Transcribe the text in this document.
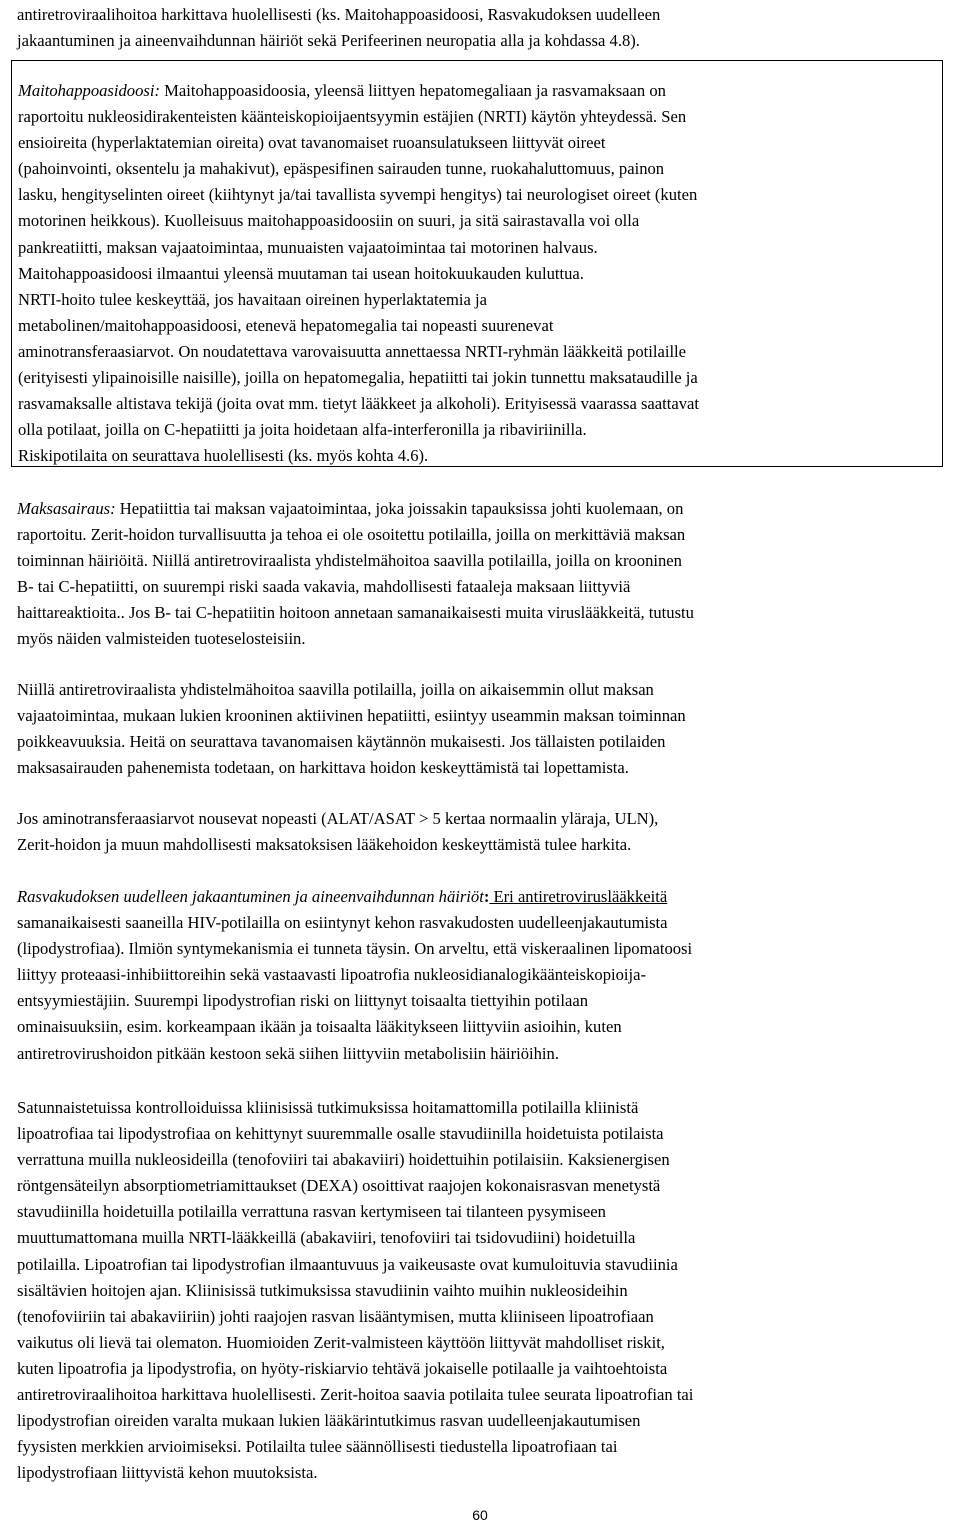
antiretroviraalihoitoa harkittava huolellisesti (ks. Maitohappoasidoosi, Rasvakudoksen uudelleen
jakaantuminen ja aineenvaihdunnan häiriöt sekä Perifeerinen neuropatia alla ja kohdassa 4.8).
Maitohappoasidoosi: Maitohappoasidoosia, yleensä liittyen hepatomegaliaan ja rasvamaksaan on
raportoitu nukleosidirakenteisten käänteiskopioijaentsyymin estäjien (NRTI) käytön yhteydessä. Sen
ensioireita (hyperlaktatemian oireita) ovat tavanomaiset ruoansulatukseen liittyvät oireet
(pahoinvointi, oksentelu ja mahakivut), epäspesifinen sairauden tunne, ruokahaluttomuus, painon
lasku, hengityselinten oireet (kiihtynyt ja/tai tavallista syvempi hengitys) tai neurologiset oireet (kuten
motorinen heikkous). Kuolleisuus maitohappoasidoosiin on suuri, ja sitä sairastavalla voi olla
pankreatiitti, maksan vajaatoimintaa, munuaisten vajaatoimintaa tai motorinen halvaus.
Maitohappoasidoosi ilmaantui yleensä muutaman tai usean hoitokuukauden kuluttua.
NRTI-hoito tulee keskeyttää, jos havaitaan oireinen hyperlaktatemia ja
metabolinen/maitohappoasidoosi, etenevä hepatomegalia tai nopeasti suurenevat
aminotransferaasiarvot. On noudatettava varovaisuutta annettaessa NRTI-ryhmän lääkkeitä potilaille
(erityisesti ylipainoisille naisille), joilla on hepatomegalia, hepatiitti tai jokin tunnettu maksataudille ja
rasvamaksalle altistava tekijä (joita ovat mm. tietyt lääkkeet ja alkoholi). Erityisessä vaarassa saattavat
olla potilaat, joilla on C-hepatiitti ja joita hoidetaan alfa-interferonilla ja ribaviriinilla.
Riskipotilaita on seurattava huolellisesti (ks. myös kohta 4.6).
Maksasairaus: Hepatiittia tai maksan vajaatoimintaa, joka joissakin tapauksissa johti kuolemaan, on
raportoitu. Zerit-hoidon turvallisuutta ja tehoa ei ole osoitettu potilailla, joilla on merkittäviä maksan
toiminnan häiriöitä. Niillä antiretroviraalista yhdistelmähoitoa saavilla potilailla, joilla on krooninen
B- tai C-hepatiitti, on suurempi riski saada vakavia, mahdollisesti fataaleja maksaan liittyviä
haittareaktioita.. Jos B- tai C-hepatiitin hoitoon annetaan samanaikaisesti muita viruslääkkeitä, tutustu
myös näiden valmisteiden tuoteselosteisiin.
Niillä antiretroviraalista yhdistelmähoitoa saavilla potilailla, joilla on aikaisemmin ollut maksan
vajaatoimintaa, mukaan lukien krooninen aktiivinen hepatiitti, esiintyy useammin maksan toiminnan
poikkeavuuksia. Heitä on seurattava tavanomaisen käytännön mukaisesti. Jos tällaisten potilaiden
maksasairauden pahenemista todetaan, on harkittava hoidon keskeyttämistä tai lopettamista.
Jos aminotransferaasiarvot nousevat nopeasti (ALAT/ASAT > 5 kertaa normaalin yläraja, ULN),
Zerit-hoidon ja muun mahdollisesti maksatoksisen lääkehoidon keskeyttämistä tulee harkita.
Rasvakudoksen uudelleen jakaantuminen ja aineenvaihdunnan häiriöt: Eri antiretroviruslääkkeitä
samanaikaisesti saaneilla HIV-potilailla on esiintynyt kehon rasvakudosten uudelleenjakautumista
(lipodystrofiaa). Ilmiön syntymekanismia ei tunneta täysin. On arveltu, että viskeraalinen lipomatoosi
liittyy proteaasi-inhibiittoreihin sekä vastaavasti lipoatrofia nukleosidianalogikäänteiskopioija-
entsyymiestäjiin. Suurempi lipodystrofian riski on liittynyt toisaalta tiettyihin potilaan
ominaisuuksiin, esim. korkeampaan ikään ja toisaalta lääkitykseen liittyviin asioihin, kuten
antiretrovirushoidon pitkään kestoon sekä siihen liittyviin metabolisiin häiriöihin.
Satunnaistetuissa kontrolloiduissa kliinisissä tutkimuksissa hoitamattomilla potilailla kliinistä
lipoatrofiaa tai lipodystrofiaa on kehittynyt suuremmalle osalle stavudiinilla hoidetuista potilaista
verrattuna muilla nukleosideilla (tenofoviiri tai abakaviiri) hoidettuihin potilaisiin. Kaksienergisen
röntgensäteilyn absorptiometriamittaukset (DEXA) osoittivat raajojen kokonaisrasvan menetystä
stavudiinilla hoidetuilla potilailla verrattuna rasvan kertymiseen tai tilanteen pysymiseen
muuttumattomana muilla NRTI-lääkkeillä (abakaviiri, tenofoviiri tai tsidovudiini) hoidetuilla
potilailla. Lipoatrofian tai lipodystrofian ilmaantuvuus ja vaikeusaste ovat kumuloituvia stavudiinia
sisältävien hoitojen ajan. Kliinisissä tutkimuksissa stavudiinin vaihto muihin nukleosideihin
(tenofoviiriin tai abakaviiriin) johti raajojen rasvan lisääntymisen, mutta kliiniseen lipoatrofiaan
vaikutus oli lievä tai olematon. Huomioiden Zerit-valmisteen käyttöön liittyvät mahdolliset riskit,
kuten lipoatrofia ja lipodystrofia, on hyöty-riskiarvio tehtävä jokaiselle potilaalle ja vaihtoehtoista
antiretroviraalihoitoa harkittava huolellisesti. Zerit-hoitoa saavia potilaita tulee seurata lipoatrofian tai
lipodystrofian oireiden varalta mukaan lukien lääkärintutkimus rasvan uudelleenjakautumisen
fyysisten merkkien arvioimiseksi. Potilailta tulee säännöllisesti tiedustella lipoatrofiaan tai
lipodystrofiaan liittyvistä kehon muutoksista.
60
